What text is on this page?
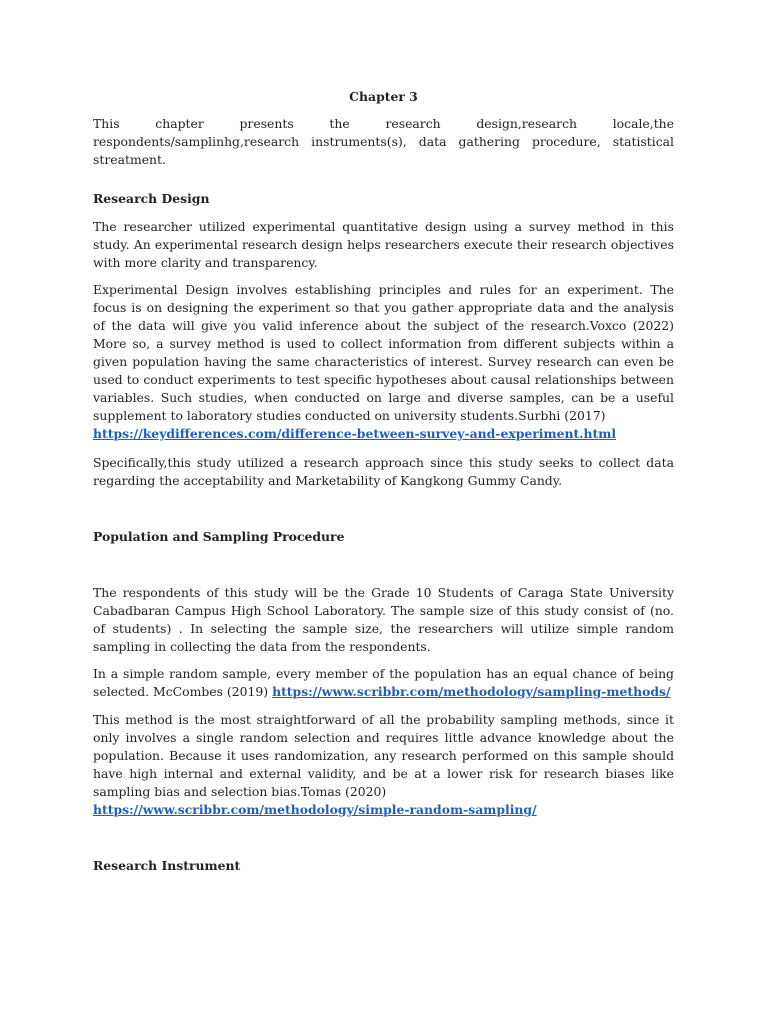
Chapter 3

This chapter presents the research design,research locale,the respondents/samplinhg,research instruments(s), data gathering procedure, statistical streatment.

Research Design

The researcher utilized experimental quantitative design using a survey method in this study. An experimental research design helps researchers execute their research objectives with more clarity and transparency.

Experimental Design involves establishing principles and rules for an experiment. The focus is on designing the experiment so that you gather appropriate data and the analysis of the data will give you valid inference about the subject of the research.Voxco (2022) More so, a survey method is used to collect information from different subjects within a given population having the same characteristics of interest. Survey research can even be used to conduct experiments to test specific hypotheses about causal relationships between variables. Such studies, when conducted on large and diverse samples, can be a useful supplement to laboratory studies conducted on university students.Surbhi (2017)
https://keydifferences.com/difference-between-survey-and-experiment.html

Specifically,this study utilized a research approach since this study seeks to collect data regarding the acceptability and Marketability of Kangkong Gummy Candy.

Population and Sampling Procedure

The respondents of this study will be the Grade 10 Students of Caraga State University Cabadbaran Campus High School Laboratory. The sample size of this study consist of (no. of students) . In selecting the sample size, the researchers will utilize simple random sampling in collecting the data from the respondents.

In a simple random sample, every member of the population has an equal chance of being selected. McCombes (2019) https://www.scribbr.com/methodology/sampling-methods/

This method is the most straightforward of all the probability sampling methods, since it only involves a single random selection and requires little advance knowledge about the population. Because it uses randomization, any research performed on this sample should have high internal and external validity, and be at a lower risk for research biases like sampling bias and selection bias.Tomas (2020)
https://www.scribbr.com/methodology/simple-random-sampling/

Research Instrument
